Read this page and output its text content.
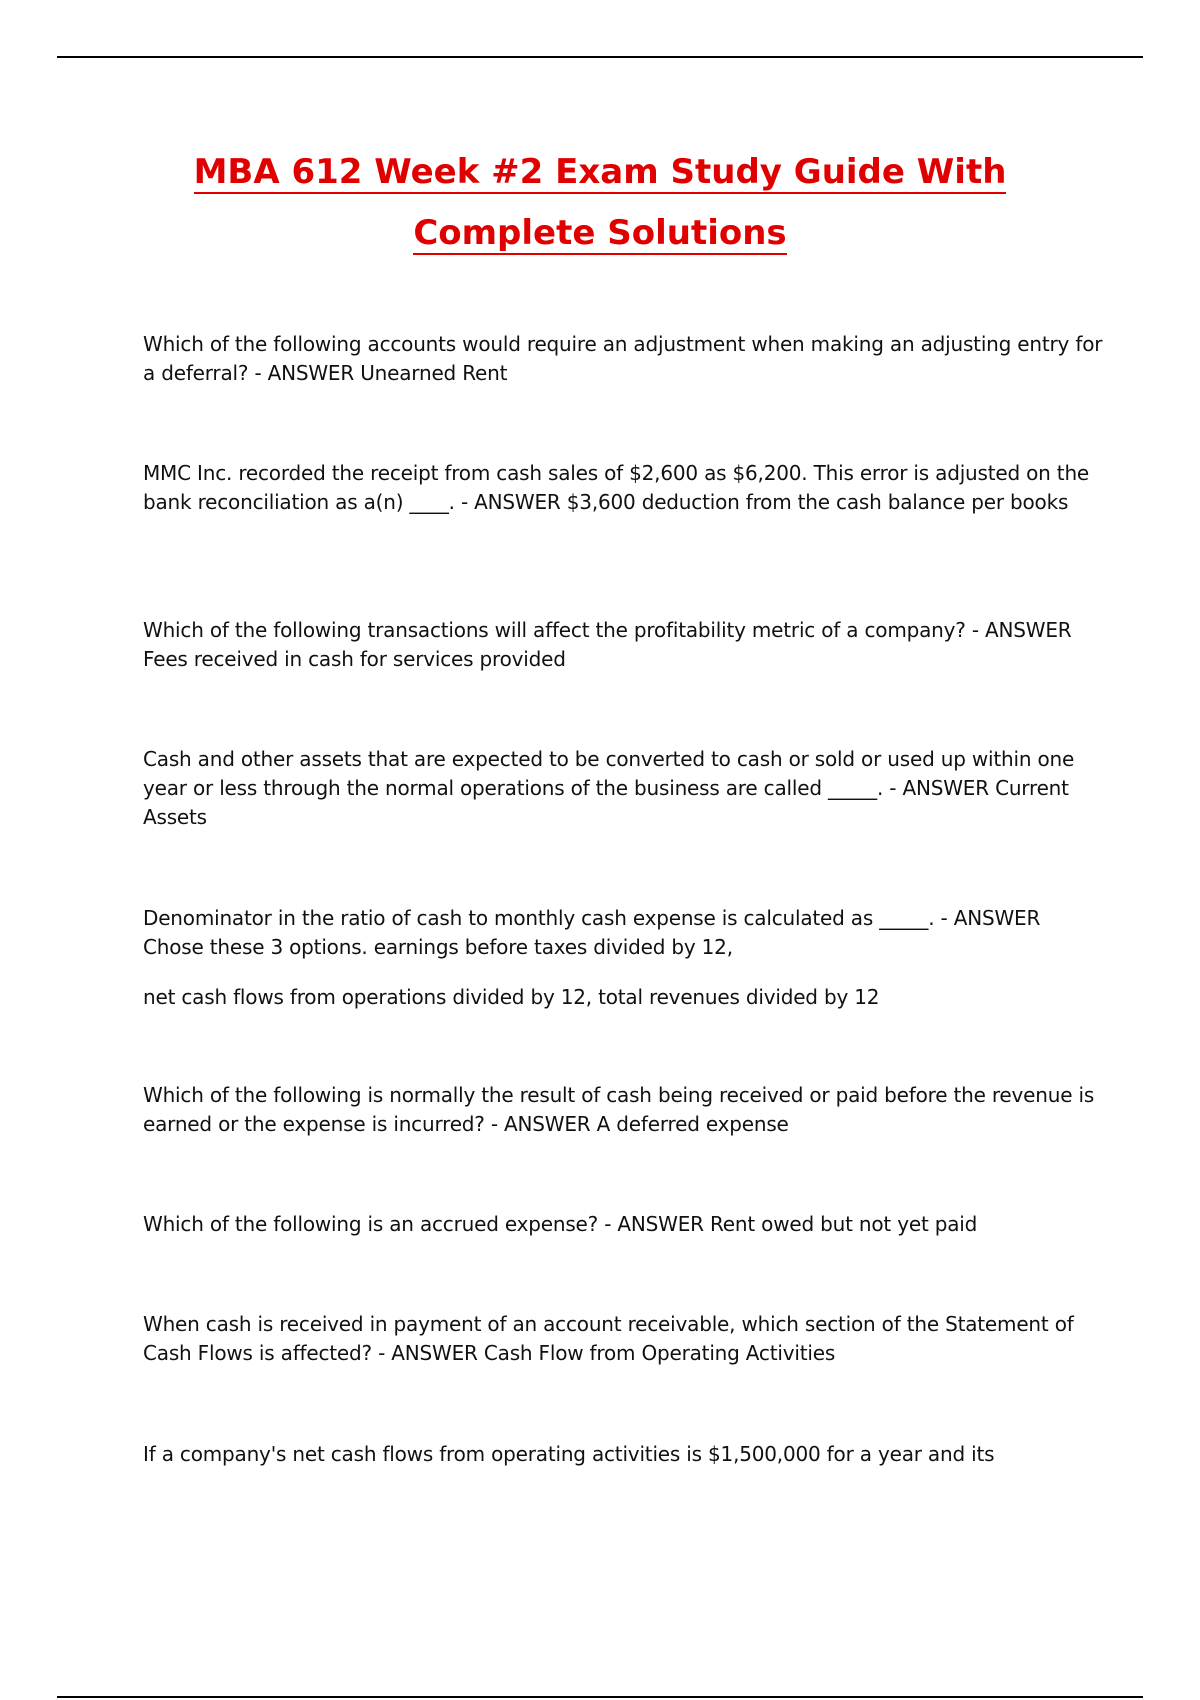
MBA 612 Week #2 Exam Study Guide With
Complete Solutions

Which of the following accounts would require an adjustment when making an adjusting entry for a deferral? - ANSWER Unearned Rent

MMC Inc. recorded the receipt from cash sales of $2,600 as $6,200. This error is adjusted on the bank reconciliation as a(n) ____. - ANSWER $3,600 deduction from the cash balance per books

Which of the following transactions will affect the profitability metric of a company? - ANSWER Fees received in cash for services provided

Cash and other assets that are expected to be converted to cash or sold or used up within one year or less through the normal operations of the business are called _____. - ANSWER Current Assets

Denominator in the ratio of cash to monthly cash expense is calculated as _____. - ANSWER Chose these 3 options. earnings before taxes divided by 12,

net cash flows from operations divided by 12, total revenues divided by 12

Which of the following is normally the result of cash being received or paid before the revenue is earned or the expense is incurred? - ANSWER A deferred expense

Which of the following is an accrued expense? - ANSWER Rent owed but not yet paid

When cash is received in payment of an account receivable, which section of the Statement of Cash Flows is affected? - ANSWER Cash Flow from Operating Activities

If a company's net cash flows from operating activities is $1,500,000 for a year and its
